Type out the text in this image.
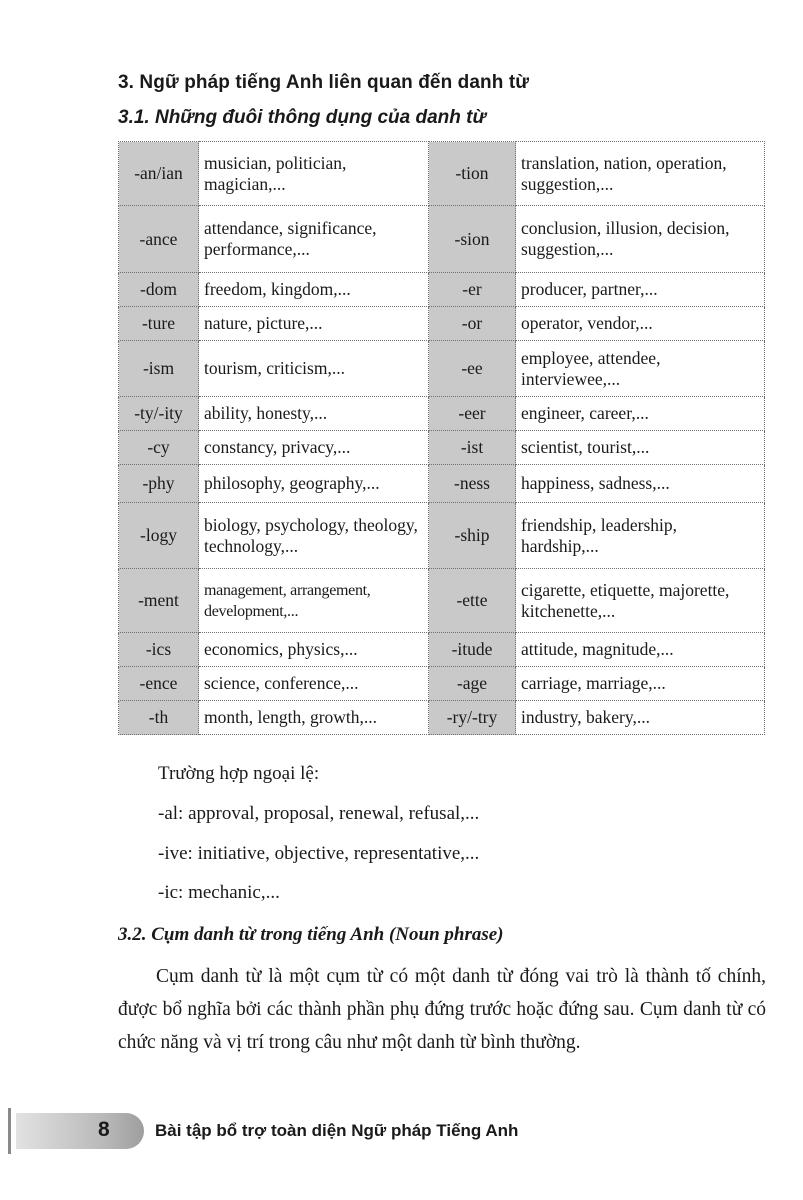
3. Ngữ pháp tiếng Anh liên quan đến danh từ
3.1. Những đuôi thông dụng của danh từ
-an/ian	musician, politician, magician,...	-tion	translation, nation, operation, suggestion,...
-ance	attendance, significance, performance,...	-sion	conclusion, illusion, decision, suggestion,...
-dom	freedom, kingdom,...	-er	producer, partner,...
-ture	nature, picture,...	-or	operator, vendor,...
-ism	tourism, criticism,...	-ee	employee, attendee, interviewee,...
-ty/-ity	ability, honesty,...	-eer	engineer, career,...
-cy	constancy, privacy,...	-ist	scientist, tourist,...
-phy	philosophy, geography,...	-ness	happiness, sadness,...
-logy	biology, psychology, theology, technology,...	-ship	friendship, leadership, hardship,...
-ment	management, arrangement, development,...	-ette	cigarette, etiquette, majorette, kitchenette,...
-ics	economics, physics,...	-itude	attitude, magnitude,...
-ence	science, conference,...	-age	carriage, marriage,...
-th	month, length, growth,...	-ry/-try	industry, bakery,...
Trường hợp ngoại lệ:
-al: approval, proposal, renewal, refusal,...
-ive: initiative, objective, representative,...
-ic: mechanic,...
3.2. Cụm danh từ trong tiếng Anh (Noun phrase)
Cụm danh từ là một cụm từ có một danh từ đóng vai trò là thành tố chính, được bổ nghĩa bởi các thành phần phụ đứng trước hoặc đứng sau. Cụm danh từ có chức năng và vị trí trong câu như một danh từ bình thường.
8	Bài tập bổ trợ toàn diện Ngữ pháp Tiếng Anh
